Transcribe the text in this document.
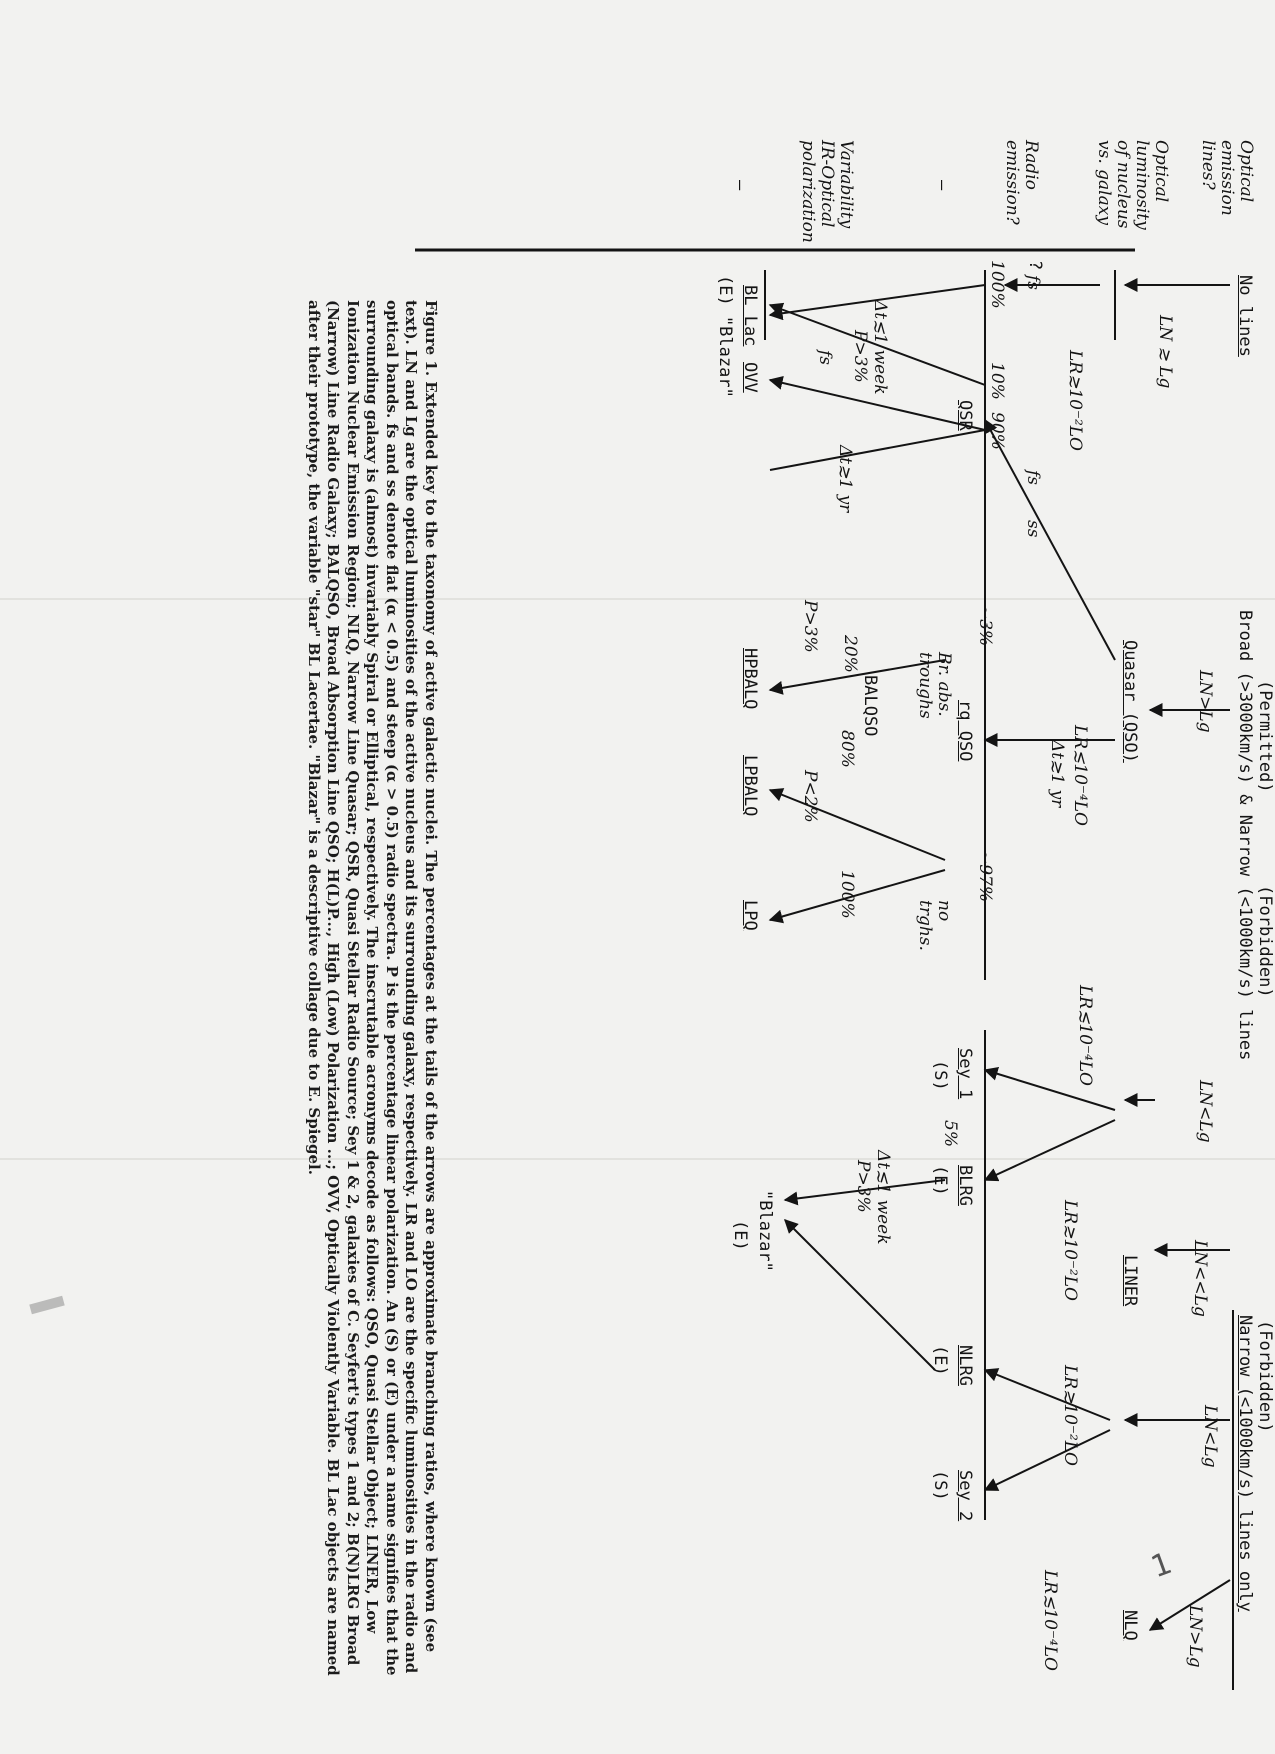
Optical emission lines?
Optical luminosity of nucleus vs. galaxy
Radio emission?
—
Variability IR-Optical polarization
—
No lines
(Permitted)
(Forbidden)
Broad (>3000km/s) & Narrow (<1000km/s) lines
(Forbidden)
Narrow (<1000km/s) lines only
LN ≳ Lg
LN>Lg
Quasar (QSO)
LN<Lg
LN<<Lg
LINER
LN<Lg
LN>Lg
NLQ
?
LR≳10⁻²LO
fs
fs
ss
LR≲10⁻⁴LO
Δt≳1 yr
LR≲10⁻⁴LO
LR≳10⁻²LO
LR≳10⁻²LO
LR≲10⁻⁴LO
100%
10%
90%
QSR
~3%
rq QSO
~97%
Sey 1
(S)
5%
BLRG
(E)
NLRG
(E)
Sey 2
(S)
Br. abs. troughs
no trghs.
BALQSO
20%
80%
100%
Δt≲1 week
P>3%
fs
Δt≳1 yr
P>3%
P<2%
Δt≲1 week
P>3%
BL Lac
OVV
(E) "Blazar"
HPBALQ
LPBALQ
LPQ
"Blazar"
(E)
Figure 1. Extended key to the taxonomy of active galactic nuclei. The percentages at the tails of the arrows are approximate branching ratios, where known (see text). LN and Lg are the optical luminosities of the active nucleus and its surrounding galaxy, respectively. LR and LO are the specific luminosities in the radio and optical bands. fs and ss denote flat (α < 0.5) and steep (α > 0.5) radio spectra. P is the percentage linear polarization. An (S) or (E) under a name signifies that the surrounding galaxy is (almost) invariably Spiral or Elliptical, respectively. The inscrutable acronyms decode as follows: QSO, Quasi Stellar Object; LINER, Low Ionization Nuclear Emission Region; NLQ, Narrow Line Quasar; QSR, Quasi Stellar Radio Source; Sey 1 & 2, galaxies of C. Seyfert's types 1 and 2; B(N)LRG Broad (Narrow) Line Radio Galaxy; BALQSO, Broad Absorption Line QSO; H(L)P..., High (Low) Polarization ...; OVV, Optically Violently Variable. BL Lac objects are named after their prototype, the variable "star" BL Lacertae. "Blazar" is a descriptive collage due to E. Spiegel.
1
